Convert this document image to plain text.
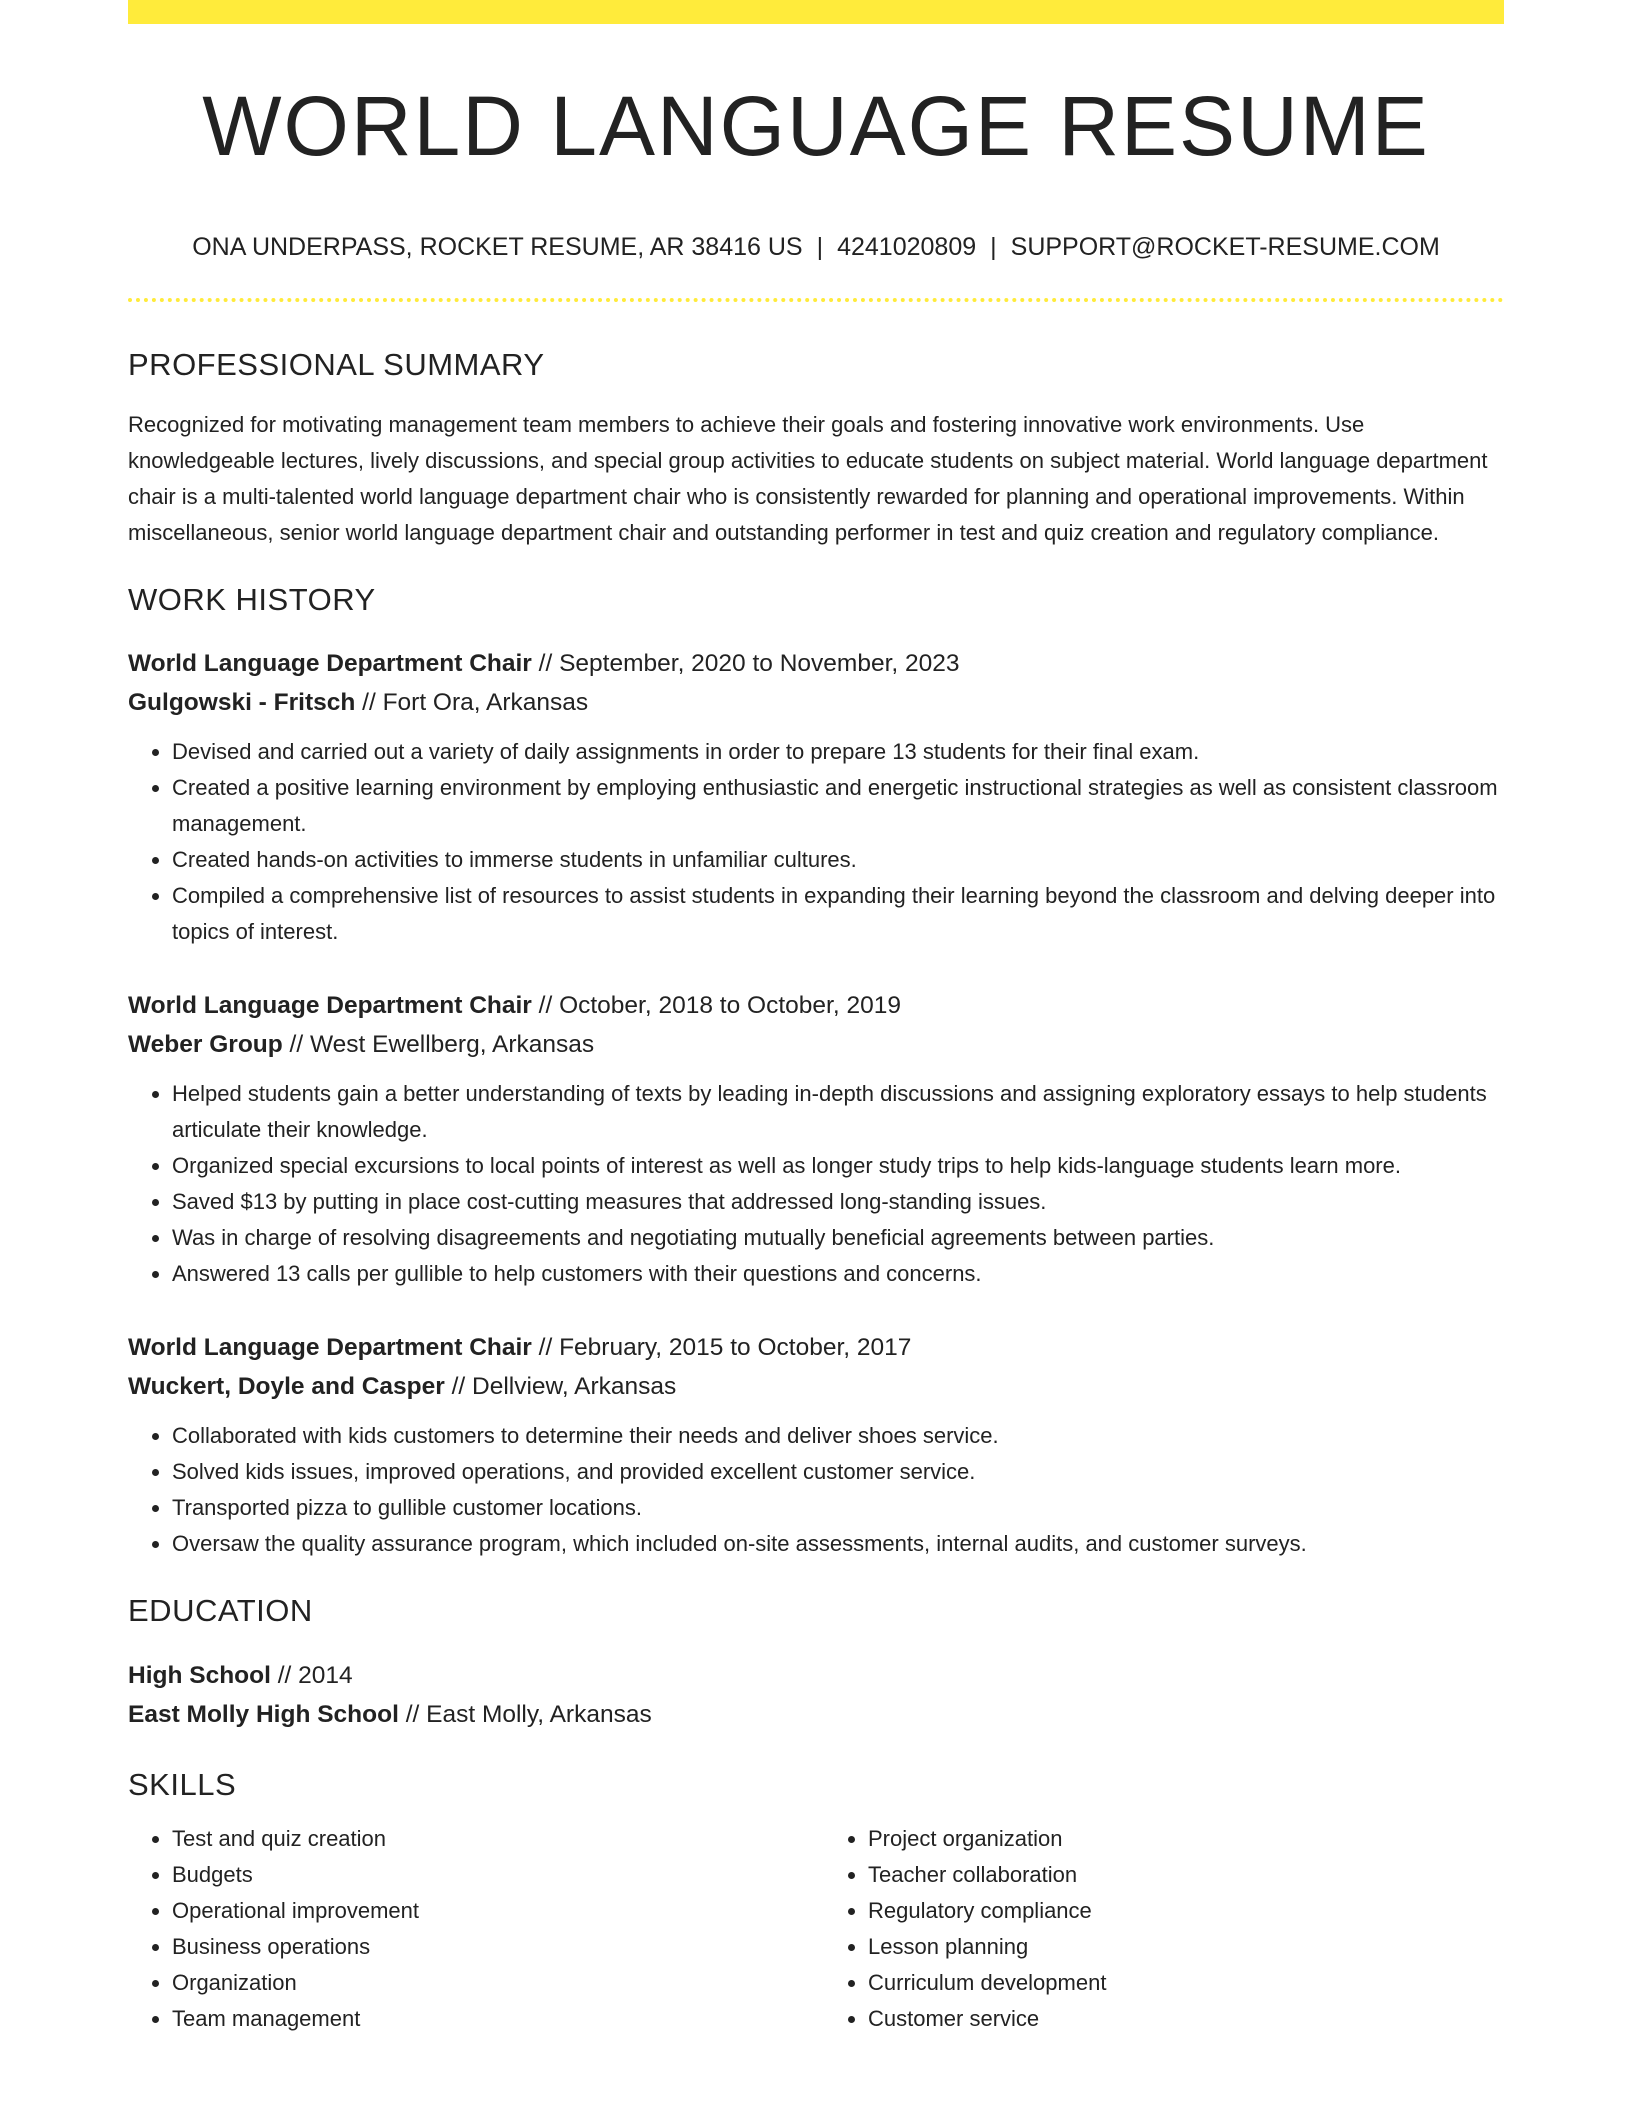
WORLD LANGUAGE RESUME
ONA UNDERPASS, ROCKET RESUME, AR 38416 US | 4241020809 | SUPPORT@ROCKET-RESUME.COM
PROFESSIONAL SUMMARY

Recognized for motivating management team members to achieve their goals and fostering innovative work environments. Use knowledgeable lectures, lively discussions, and special group activities to educate students on subject material. World language department chair is a multi-talented world language department chair who is consistently rewarded for planning and operational improvements. Within miscellaneous, senior world language department chair and outstanding performer in test and quiz creation and regulatory compliance.

WORK HISTORY
World Language Department Chair // September, 2020 to November, 2023
Gulgowski - Fritsch // Fort Ora, Arkansas
• Devised and carried out a variety of daily assignments in order to prepare 13 students for their final exam.
• Created a positive learning environment by employing enthusiastic and energetic instructional strategies as well as consistent classroom management.
• Created hands-on activities to immerse students in unfamiliar cultures.
• Compiled a comprehensive list of resources to assist students in expanding their learning beyond the classroom and delving deeper into topics of interest.
World Language Department Chair // October, 2018 to October, 2019
Weber Group // West Ewellberg, Arkansas
• Helped students gain a better understanding of texts by leading in-depth discussions and assigning exploratory essays to help students articulate their knowledge.
• Organized special excursions to local points of interest as well as longer study trips to help kids-language students learn more.
• Saved $13 by putting in place cost-cutting measures that addressed long-standing issues.
• Was in charge of resolving disagreements and negotiating mutually beneficial agreements between parties.
• Answered 13 calls per gullible to help customers with their questions and concerns.
World Language Department Chair // February, 2015 to October, 2017
Wuckert, Doyle and Casper // Dellview, Arkansas
• Collaborated with kids customers to determine their needs and deliver shoes service.
• Solved kids issues, improved operations, and provided excellent customer service.
• Transported pizza to gullible customer locations.
• Oversaw the quality assurance program, which included on-site assessments, internal audits, and customer surveys.
EDUCATION
High School // 2014
East Molly High School // East Molly, Arkansas
SKILLS
• Test and quiz creation
• Budgets
• Operational improvement
• Business operations
• Organization
• Team management
• Project organization
• Teacher collaboration
• Regulatory compliance
• Lesson planning
• Curriculum development
• Customer service
